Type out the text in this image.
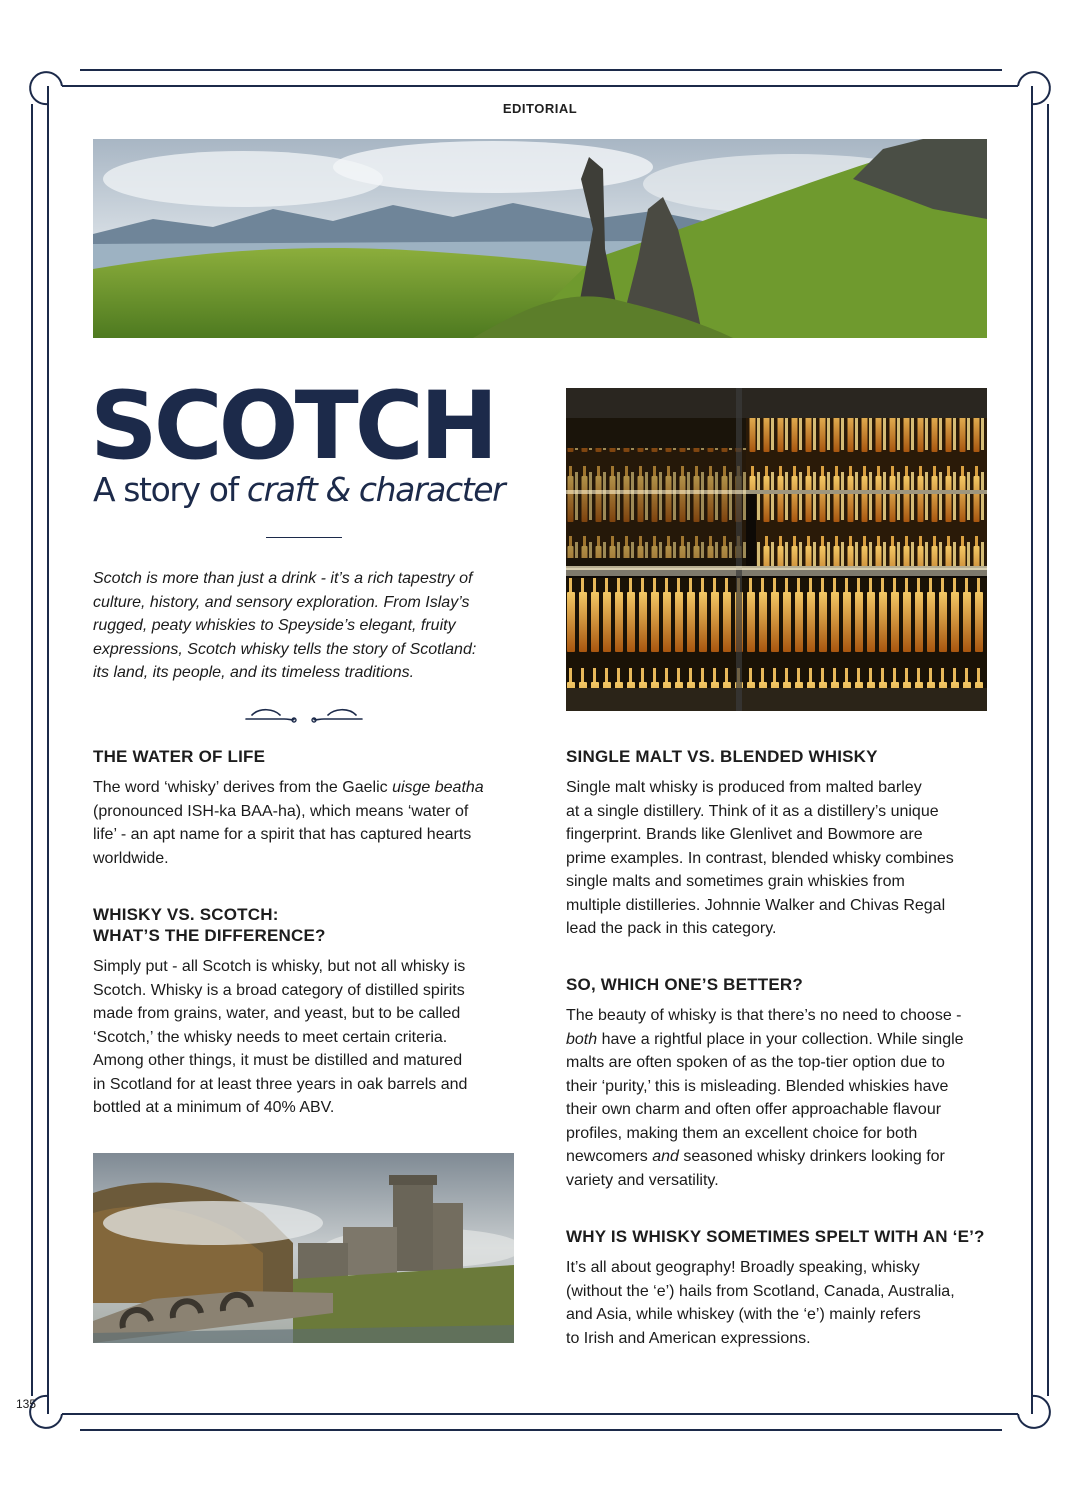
EDITORIAL
SCOTCH

A story of craft & character

Scotch is more than just a drink - it’s a rich tapestry of
culture, history, and sensory exploration. From Islay’s
rugged, peaty whiskies to Speyside’s elegant, fruity
expressions, Scotch whisky tells the story of Scotland:
its land, its people, and its timeless traditions.

THE WATER OF LIFE

The word ‘whisky’ derives from the Gaelic uisge beatha
(pronounced ISH-ka BAA-ha), which means ‘water of
life’ - an apt name for a spirit that has captured hearts
worldwide.

WHISKY VS. SCOTCH:
WHAT’S THE DIFFERENCE?

Simply put - all Scotch is whisky, but not all whisky is
Scotch. Whisky is a broad category of distilled spirits
made from grains, water, and yeast, but to be called
‘Scotch,’ the whisky needs to meet certain criteria.
Among other things, it must be distilled and matured
in Scotland for at least three years in oak barrels and
bottled at a minimum of 40% ABV.

SINGLE MALT VS. BLENDED WHISKY

Single malt whisky is produced from malted barley
at a single distillery. Think of it as a distillery’s unique
fingerprint. Brands like Glenlivet and Bowmore are
prime examples. In contrast, blended whisky combines
single malts and sometimes grain whiskies from
multiple distilleries. Johnnie Walker and Chivas Regal
lead the pack in this category.

SO, WHICH ONE’S BETTER?

The beauty of whisky is that there’s no need to choose -
both have a rightful place in your collection. While single
malts are often spoken of as the top-tier option due to
their ‘purity,’ this is misleading. Blended whiskies have
their own charm and often offer approachable flavour
profiles, making them an excellent choice for both
newcomers and seasoned whisky drinkers looking for
variety and versatility.

WHY IS WHISKY SOMETIMES SPELT WITH AN ‘E’?

It’s all about geography! Broadly speaking, whisky
(without the ‘e’) hails from Scotland, Canada, Australia,
and Asia, while whiskey (with the ‘e’) mainly refers
to Irish and American expressions.

135
